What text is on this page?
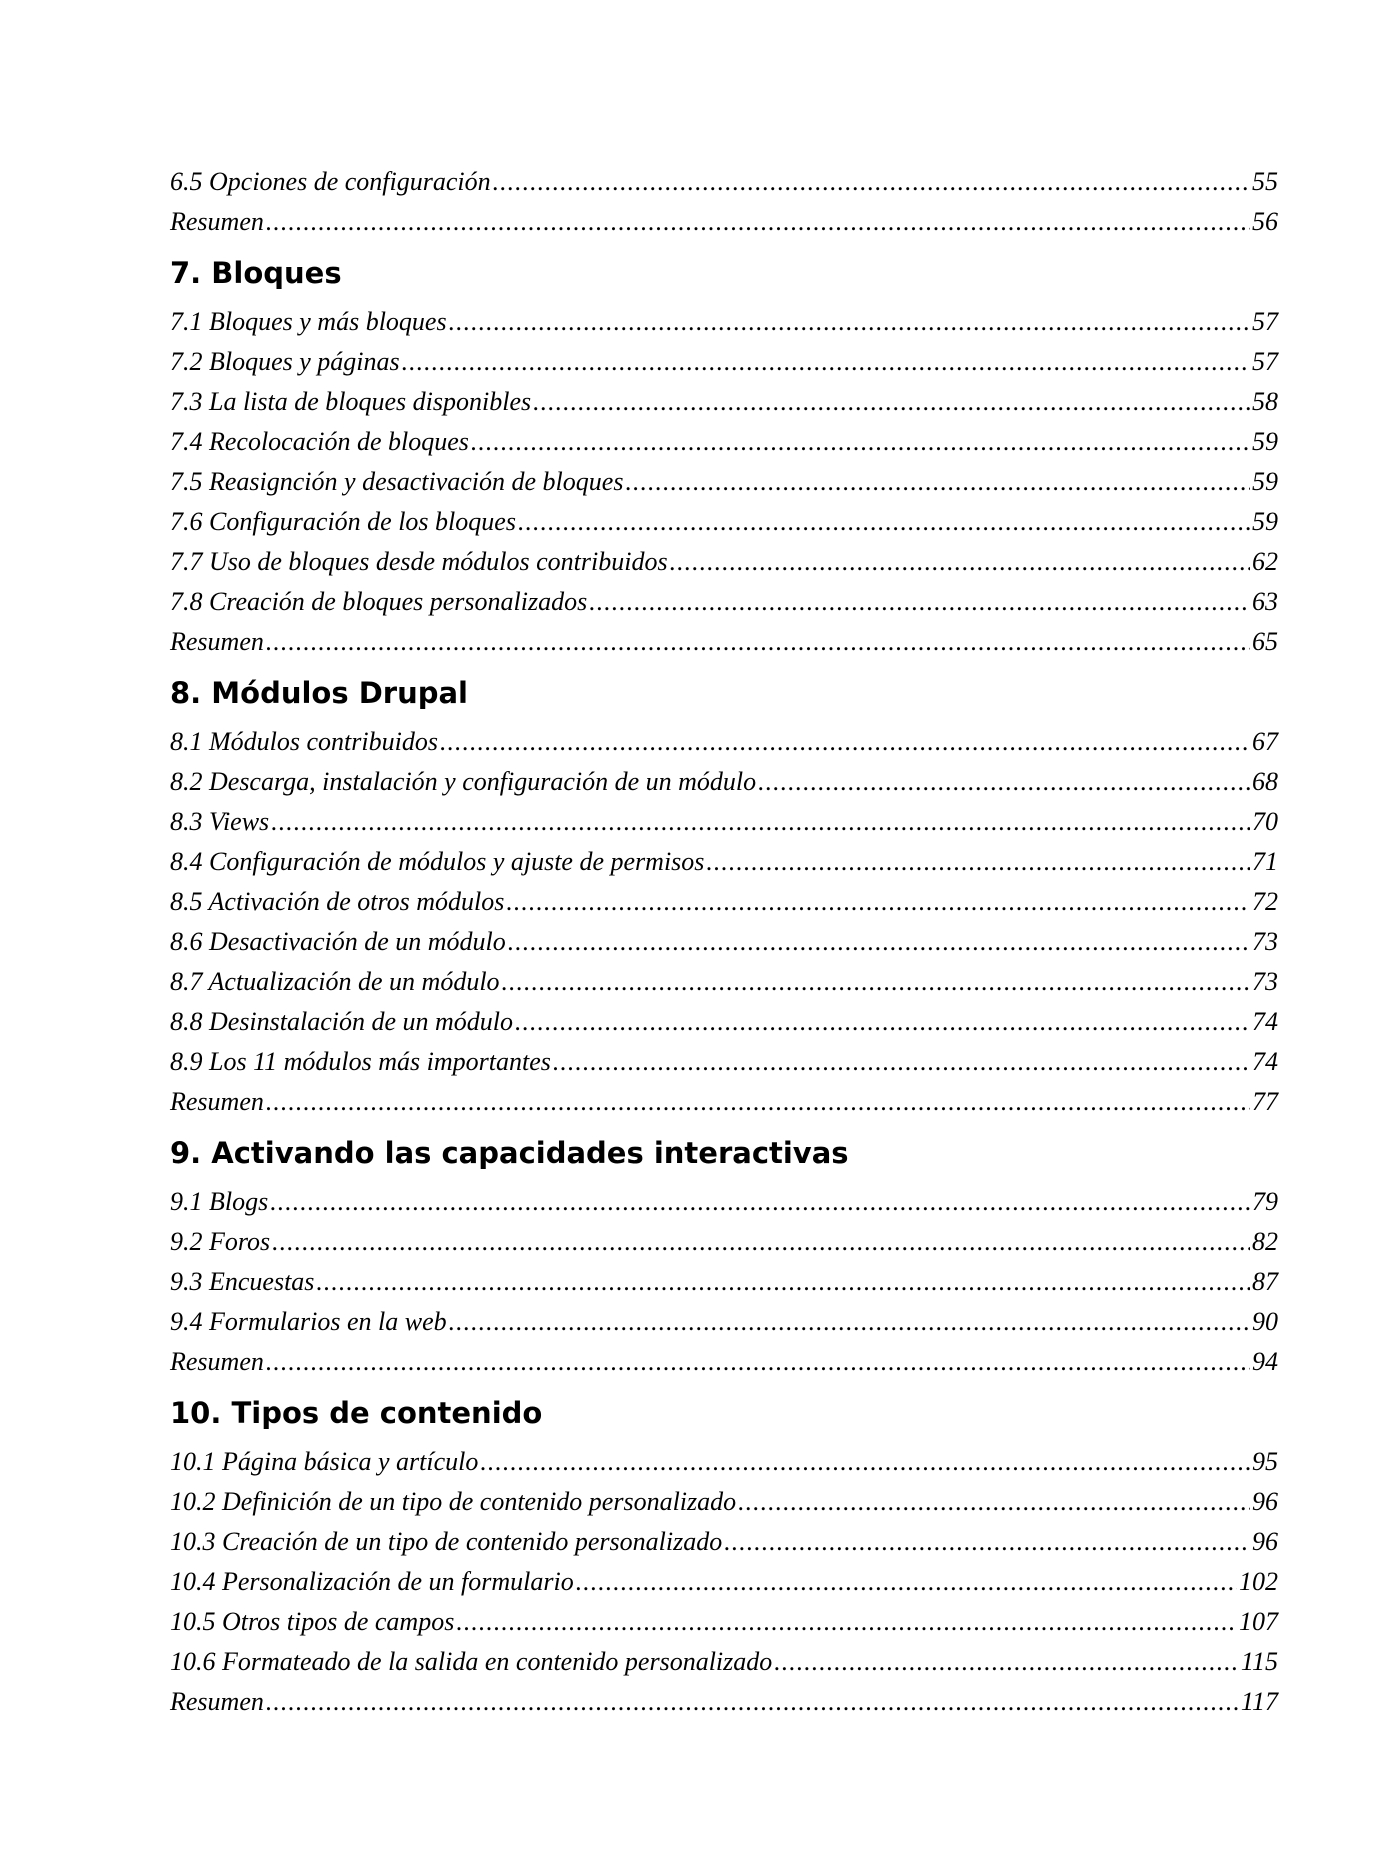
6.5 Opciones de configuración .....	55
Resumen .....	56
7. Bloques
7.1 Bloques y más bloques .....	57
7.2 Bloques y páginas .....	57
7.3 La lista de bloques disponibles .....	58
7.4 Recolocación de bloques .....	59
7.5 Reasignción y desactivación de bloques .....	59
7.6 Configuración de los bloques .....	59
7.7 Uso de bloques desde módulos contribuidos .....	62
7.8 Creación de bloques personalizados .....	63
Resumen .....	65
8. Módulos Drupal
8.1 Módulos contribuidos .....	67
8.2 Descarga, instalación y configuración de un módulo .....	68
8.3 Views .....	70
8.4 Configuración de módulos y ajuste de permisos .....	71
8.5 Activación de otros módulos .....	72
8.6 Desactivación de un módulo .....	73
8.7 Actualización de un módulo .....	73
8.8 Desinstalación de un módulo .....	74
8.9 Los 11 módulos más importantes .....	74
Resumen .....	77
9. Activando las capacidades interactivas
9.1 Blogs .....	79
9.2 Foros .....	82
9.3 Encuestas .....	87
9.4 Formularios en la web .....	90
Resumen .....	94
10. Tipos de contenido
10.1 Página básica y artículo .....	95
10.2 Definición de un tipo de contenido personalizado .....	96
10.3 Creación de un tipo de contenido personalizado .....	96
10.4 Personalización de un formulario .....	102
10.5 Otros tipos de campos .....	107
10.6 Formateado de la salida en contenido personalizado .....	115
Resumen .....	117
